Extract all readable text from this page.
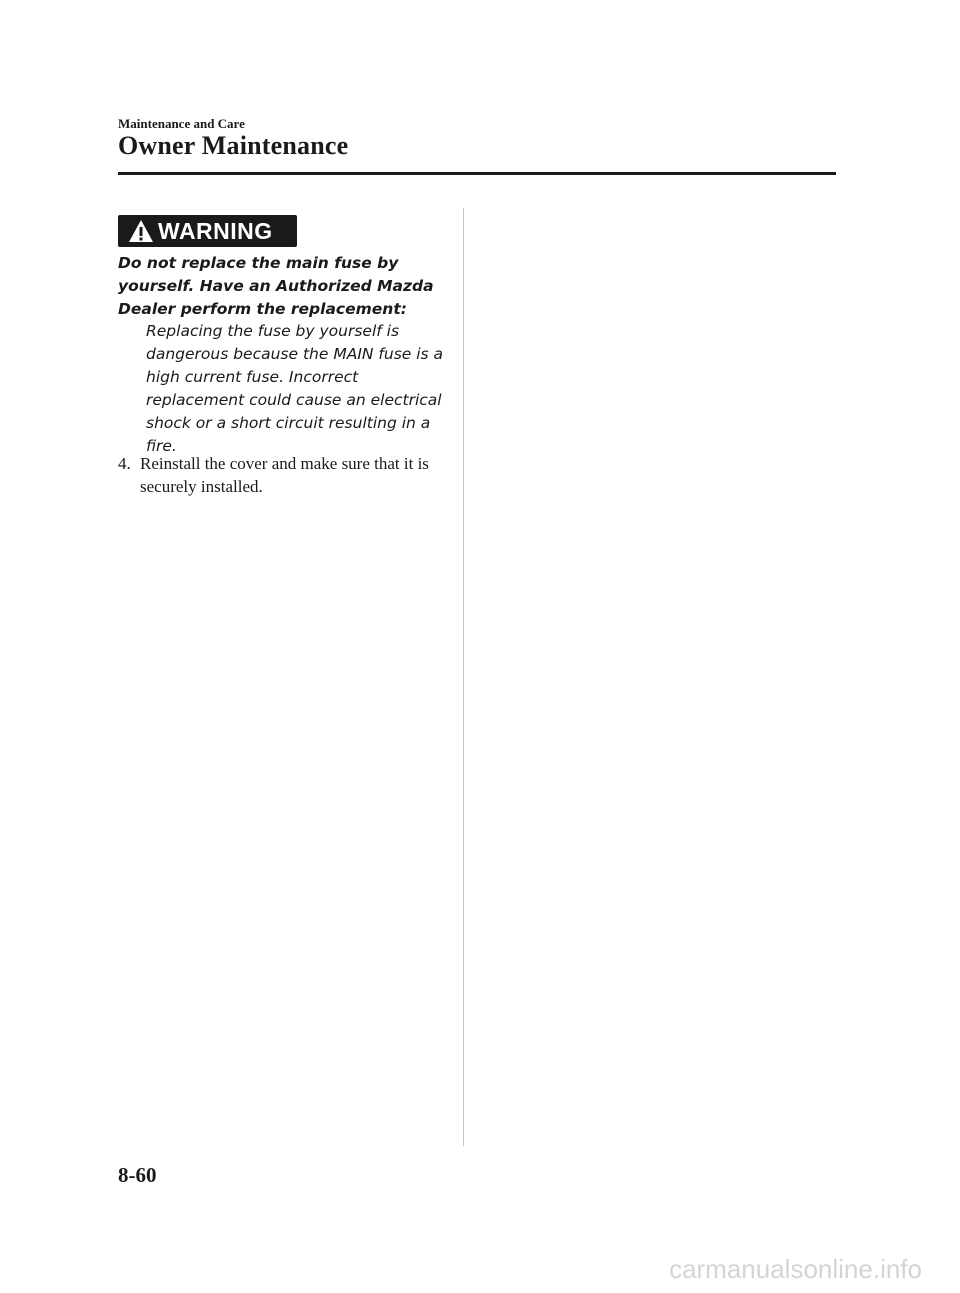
Maintenance and Care
Owner Maintenance
WARNING

Do not replace the main fuse by yourself. Have an Authorized Mazda Dealer perform the replacement:

Replacing the fuse by yourself is dangerous because the MAIN fuse is a high current fuse. Incorrect replacement could cause an electrical shock or a short circuit resulting in a fire.

4. Reinstall the cover and make sure that it is securely installed.
8-60
carmanualsonline.info
